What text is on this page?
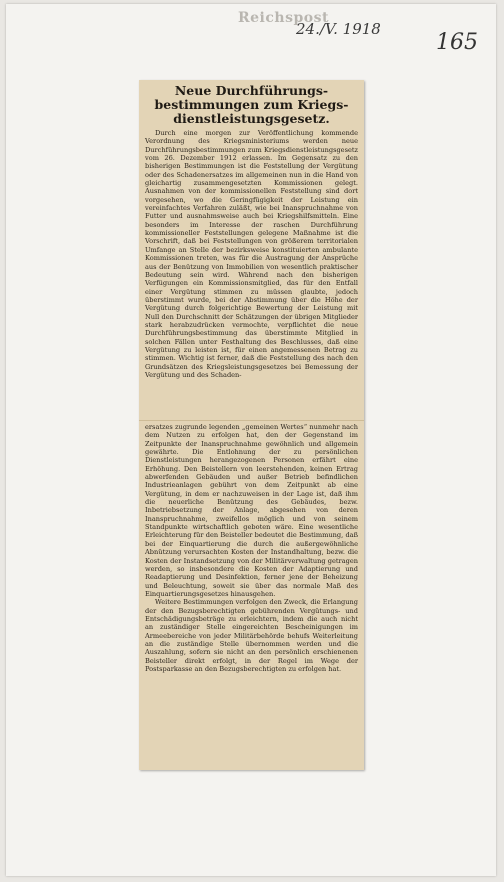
Reichspost
24./V. 1918
165
Neue Durchführungs-
bestimmungen zum Kriegs-
dienstleistungsgesetz.

Durch eine morgen zur Veröffentlichung kommende Verordnung des Kriegsministeriums werden neue Durchführungsbestimmungen zum Kriegsdienstleistungsgesetz vom 26. Dezember 1912 erlassen. Im Gegensatz zu den bisherigen Bestimmungen ist die Feststellung der Vergütung oder des Schadenersatzes im allgemeinen nun in die Hand von gleichartig zusammengesetzten Kommissionen gelegt. Ausnahmen von der kommissionellen Feststellung sind dort vorgesehen, wo die Geringfügigkeit der Leistung ein vereinfachtes Verfahren zuläßt, wie bei Inanspruchnahme von Futter und ausnahmsweise auch bei Kriegshilfsmitteln. Eine besonders im Interesse der raschen Durchführung kommissioneller Feststellungen gelegene Maßnahme ist die Vorschrift, daß bei Feststellungen von größerem territorialen Umfange an Stelle der bezirksweise konstituierten ambulante Kommissionen treten, was für die Austragung der Ansprüche aus der Benützung von Immobilien von wesentlich praktischer Bedeutung sein wird. Während nach den bisherigen Verfügungen ein Kommissionsmitglied, das für den Entfall einer Vergütung stimmen zu müssen glaubte, jedoch überstimmt wurde, bei der Abstimmung über die Höhe der Vergütung durch folgerichtige Bewertung der Leistung mit Null den Durchschnitt der Schätzungen der übrigen Mitglieder stark herabzudrücken vermochte, verpflichtet die neue Durchführungsbestimmung das überstimmte Mitglied in solchen Fällen unter Festhaltung des Beschlusses, daß eine Vergütung zu leisten ist, für einen angemessenen Betrag zu stimmen. Wichtig ist ferner, daß die Feststellung des nach den Grundsätzen des Kriegsleistungsgesetzes bei Bemessung der Vergütung und des Schaden-

ersatzes zugrunde legenden „gemeinen Wertes“ nunmehr nach dem Nutzen zu erfolgen hat, den der Gegenstand im Zeitpunkte der Inanspruchnahme gewöhnlich und allgemein gewährte. Die Entlohnung der zu persönlichen Dienstleistungen herangezogenen Personen erfährt eine Erhöhung. Den Beistellern von leerstehenden, keinen Ertrag abwerfenden Gebäuden und außer Betrieb befindlichen Industrieanlagen gebührt von dem Zeitpunkt ab eine Vergütung, in dem er nachzuweisen in der Lage ist, daß ihm die neuerliche Benützung des Gebäudes, bezw. Inbetriebsetzung der Anlage, abgesehen von deren Inanspruchnahme, zweifellos möglich und von seinem Standpunkte wirtschaftlich geboten wäre. Eine wesentliche Erleichterung für den Beisteller bedeutet die Bestimmung, daß bei der Einquartierung die durch die außergewöhnliche Abnützung verursachten Kosten der Instandhaltung, bezw. die Kosten der Instandsetzung von der Militärverwaltung getragen werden, so insbesondere die Kosten der Adaptierung und Readaptierung und Desinfektion, ferner jene der Beheizung und Beleuchtung, soweit sie über das normale Maß des Einquartierungsgesetzes hinausgehen.

Weitere Bestimmungen verfolgen den Zweck, die Erlangung der den Bezugsberechtigten gebührenden Vergütungs- und Entschädigungsbeträge zu erleichtern, indem die auch nicht an zuständiger Stelle eingereichten Bescheinigungen im Armeebereiche von jeder Militärbehörde behufs Weiterleitung an die zuständige Stelle übernommen werden und die Auszahlung, sofern sie nicht an den persönlich erschienenen Beisteller direkt erfolgt, in der Regel im Wege der Postsparkasse an den Bezugsberechtigten zu erfolgen hat.
